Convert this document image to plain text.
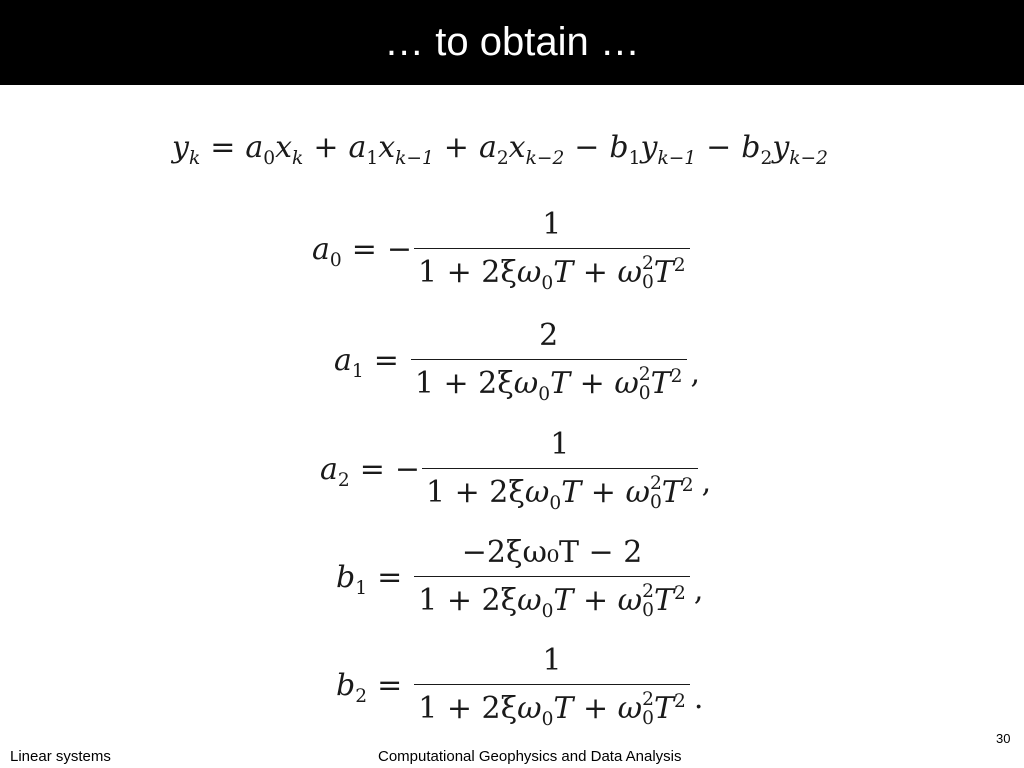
… to obtain …
$y_k = a_0x_k + a_1x_{k-1} + a_2x_{k-2} - b_1y_{k-1} - b_2y_{k-2}$
$a_0$ = − 1
$1 + 2\xi\omega_0T + \omega$ 2
0 $T^2$
$a_1 = 2$
$1 + 2\xi\omega_0T + \omega$ 2
0 $T^2$ ,
$a_2$ = − 1
$1 + 2\xi\omega_0T + \omega$ 2
0 $T^2$ ,
$b_1 = -2\xi\omega_0T - 2$
$1 + 2\xi\omega_0T + \omega$ 2
0 $T^2$ ,
$b_2 = 1$
$1 + 2\xi\omega_0T + \omega$ 2
0 $T^2$ .
30
Linear systems	Computational Geophysics and Data Analysis
